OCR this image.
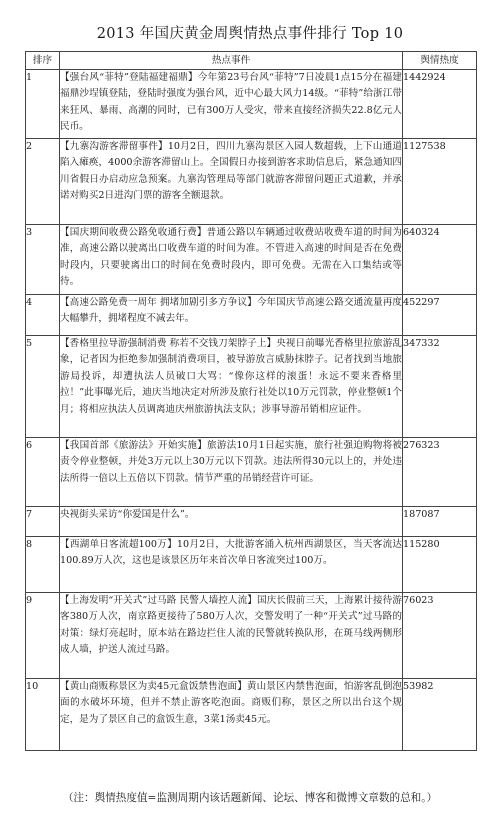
2013 年国庆黄金周舆情热点事件排行 Top 10
排序	热点事件	舆情热度
1	【强台风“菲特”登陆福建福鼎】今年第23号台风“菲特”7日凌晨1点15分在福建福鼎沙埕镇登陆，登陆时强度为强台风，近中心最大风力14级。“菲特”给浙江带来狂风、暴雨、高潮的同时，已有300万人受灾，带来直接经济损失22.8亿元人民币。	1442924
2	【九寨沟游客滞留事件】10月2日，四川九寨沟景区入园人数超载，上下山通道陷入瘫痪，4000余游客滞留山上。全国假日办接到游客求助信息后，紧急通知四川省假日办启动应急预案。九寨沟管理局等部门就游客滞留问题正式道歉，并承诺对购买2日进沟门票的游客全额退款。	1127538
3	【国庆期间收费公路免收通行费】普通公路以车辆通过收费站收费车道的时间为准，高速公路以驶离出口收费车道的时间为准。不管进入高速的时间是否在免费时段内，只要驶离出口的时间在免费时段内，即可免费。无需在入口集结或等待。	640324
4	【高速公路免费一周年 拥堵加剧引多方争议】今年国庆节高速公路交通流量再度大幅攀升，拥堵程度不减去年。	452297
5	【香格里拉导游强制消费 称若不交钱刀架脖子上】央视日前曝光香格里拉旅游乱象，记者因为拒绝参加强制消费项目，被导游放言威胁抹脖子。记者找到当地旅游局投诉，却遭执法人员破口大骂：“像你这样的滚蛋！永远不要来香格里拉！”此事曝光后，迪庆当地决定对所涉及旅行社处以10万元罚款，停业整顿1个月；将相应执法人员调离迪庆州旅游执法支队；涉事导游吊销相应证件。	347332
6	【我国首部《旅游法》开始实施】旅游法10月1日起实施，旅行社强迫购物将被责令停业整顿，并处3万元以上30万元以下罚款。违法所得30元以上的，并处违法所得一倍以上五倍以下罚款。情节严重的吊销经营许可证。	276323
7	央视街头采访“你爱国是什么”。	187087
8	【西湖单日客流超100万】10月2日，大批游客涌入杭州西湖景区，当天客流达100.89万人次，这也是该景区历年来首次单日客流突过100万。	115280
9	【上海发明“开关式”过马路 民警人墙控人流】国庆长假前三天，上海累计接待游客380万人次，南京路更接待了580万人次，交警发明了一种“开关式”过马路的对策：绿灯亮起时，原本站在路边拦住人流的民警就转换队形，在斑马线两侧形成人墙，护送人流过马路。	76023
10	【黄山商贩称景区为卖45元盒饭禁售泡面】黄山景区内禁售泡面，怕游客乱倒泡面的水破坏环境，但并不禁止游客吃泡面。商贩们称，景区之所以出台这个规定，是为了景区自己的盒饭生意，3菜1汤卖45元。	53982
（注：舆情热度值=监测周期内该话题新闻、论坛、博客和微博文章数的总和。）
